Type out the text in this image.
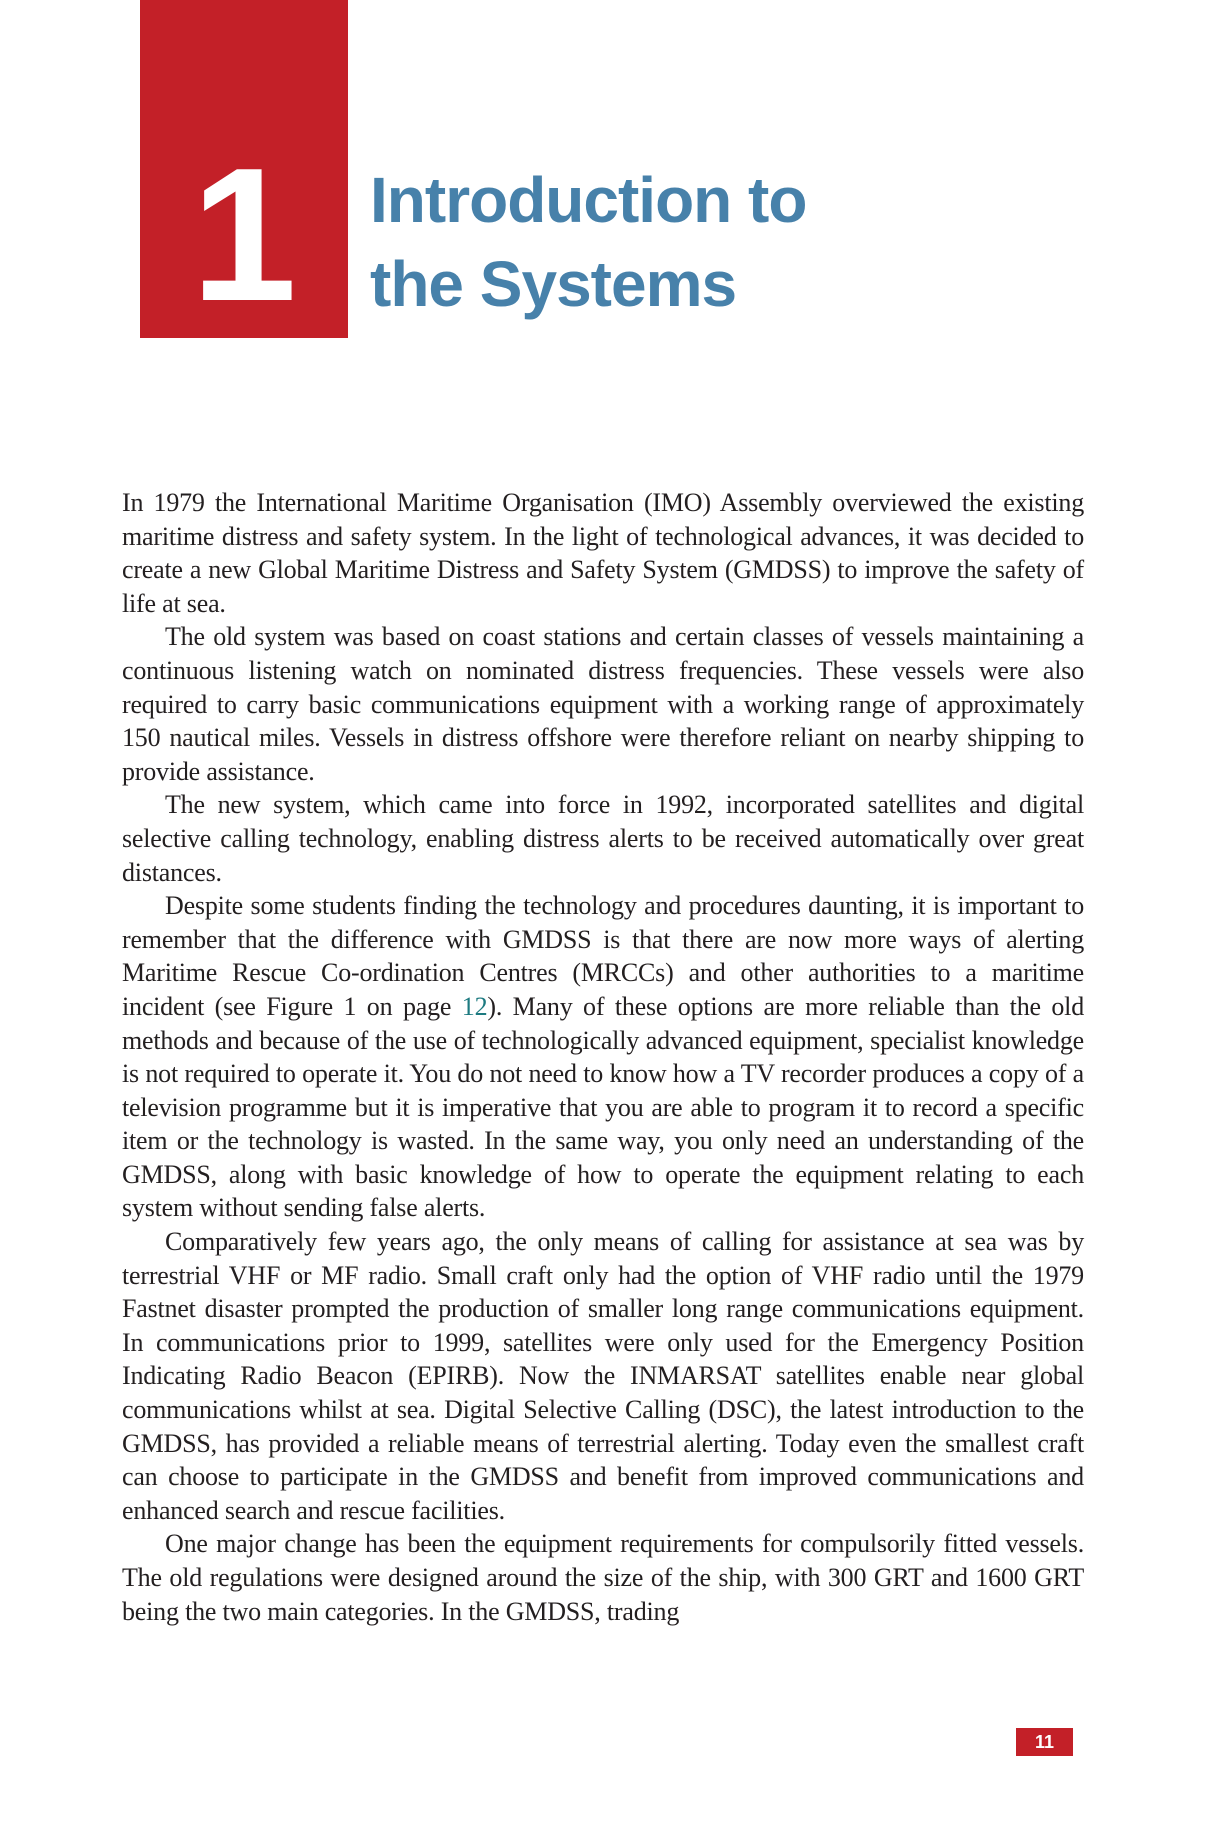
1 Introduction to
the Systems

In 1979 the International Maritime Organisation (IMO) Assembly overviewed the existing maritime distress and safety system. In the light of technological advances, it was decided to create a new Global Maritime Distress and Safety System (GMDSS) to improve the safety of life at sea.

The old system was based on coast stations and certain classes of vessels maintaining a continuous listening watch on nominated distress frequencies. These vessels were also required to carry basic communications equipment with a working range of approximately 150 nautical miles. Vessels in distress offshore were therefore reliant on nearby shipping to provide assistance.

The new system, which came into force in 1992, incorporated satellites and digital selective calling technology, enabling distress alerts to be received automatically over great distances.

Despite some students finding the technology and procedures daunting, it is important to remember that the difference with GMDSS is that there are now more ways of alerting Maritime Rescue Co-ordination Centres (MRCCs) and other authorities to a maritime incident (see Figure 1 on page 12). Many of these options are more reliable than the old methods and because of the use of technologically advanced equipment, specialist knowledge is not required to operate it. You do not need to know how a TV recorder produces a copy of a television programme but it is imperative that you are able to program it to record a specific item or the technology is wasted. In the same way, you only need an understanding of the GMDSS, along with basic knowledge of how to operate the equipment relating to each system without sending false alerts.

Comparatively few years ago, the only means of calling for assistance at sea was by terrestrial VHF or MF radio. Small craft only had the option of VHF radio until the 1979 Fastnet disaster prompted the production of smaller long range communications equipment. In communications prior to 1999, satellites were only used for the Emergency Position Indicating Radio Beacon (EPIRB). Now the INMARSAT satellites enable near global communications whilst at sea. Digital Selective Calling (DSC), the latest introduction to the GMDSS, has provided a reliable means of terrestrial alerting. Today even the smallest craft can choose to participate in the GMDSS and benefit from improved communications and enhanced search and rescue facilities.

One major change has been the equipment requirements for compulsorily fitted vessels. The old regulations were designed around the size of the ship, with 300 GRT and 1600 GRT being the two main categories. In the GMDSS, trading

11
